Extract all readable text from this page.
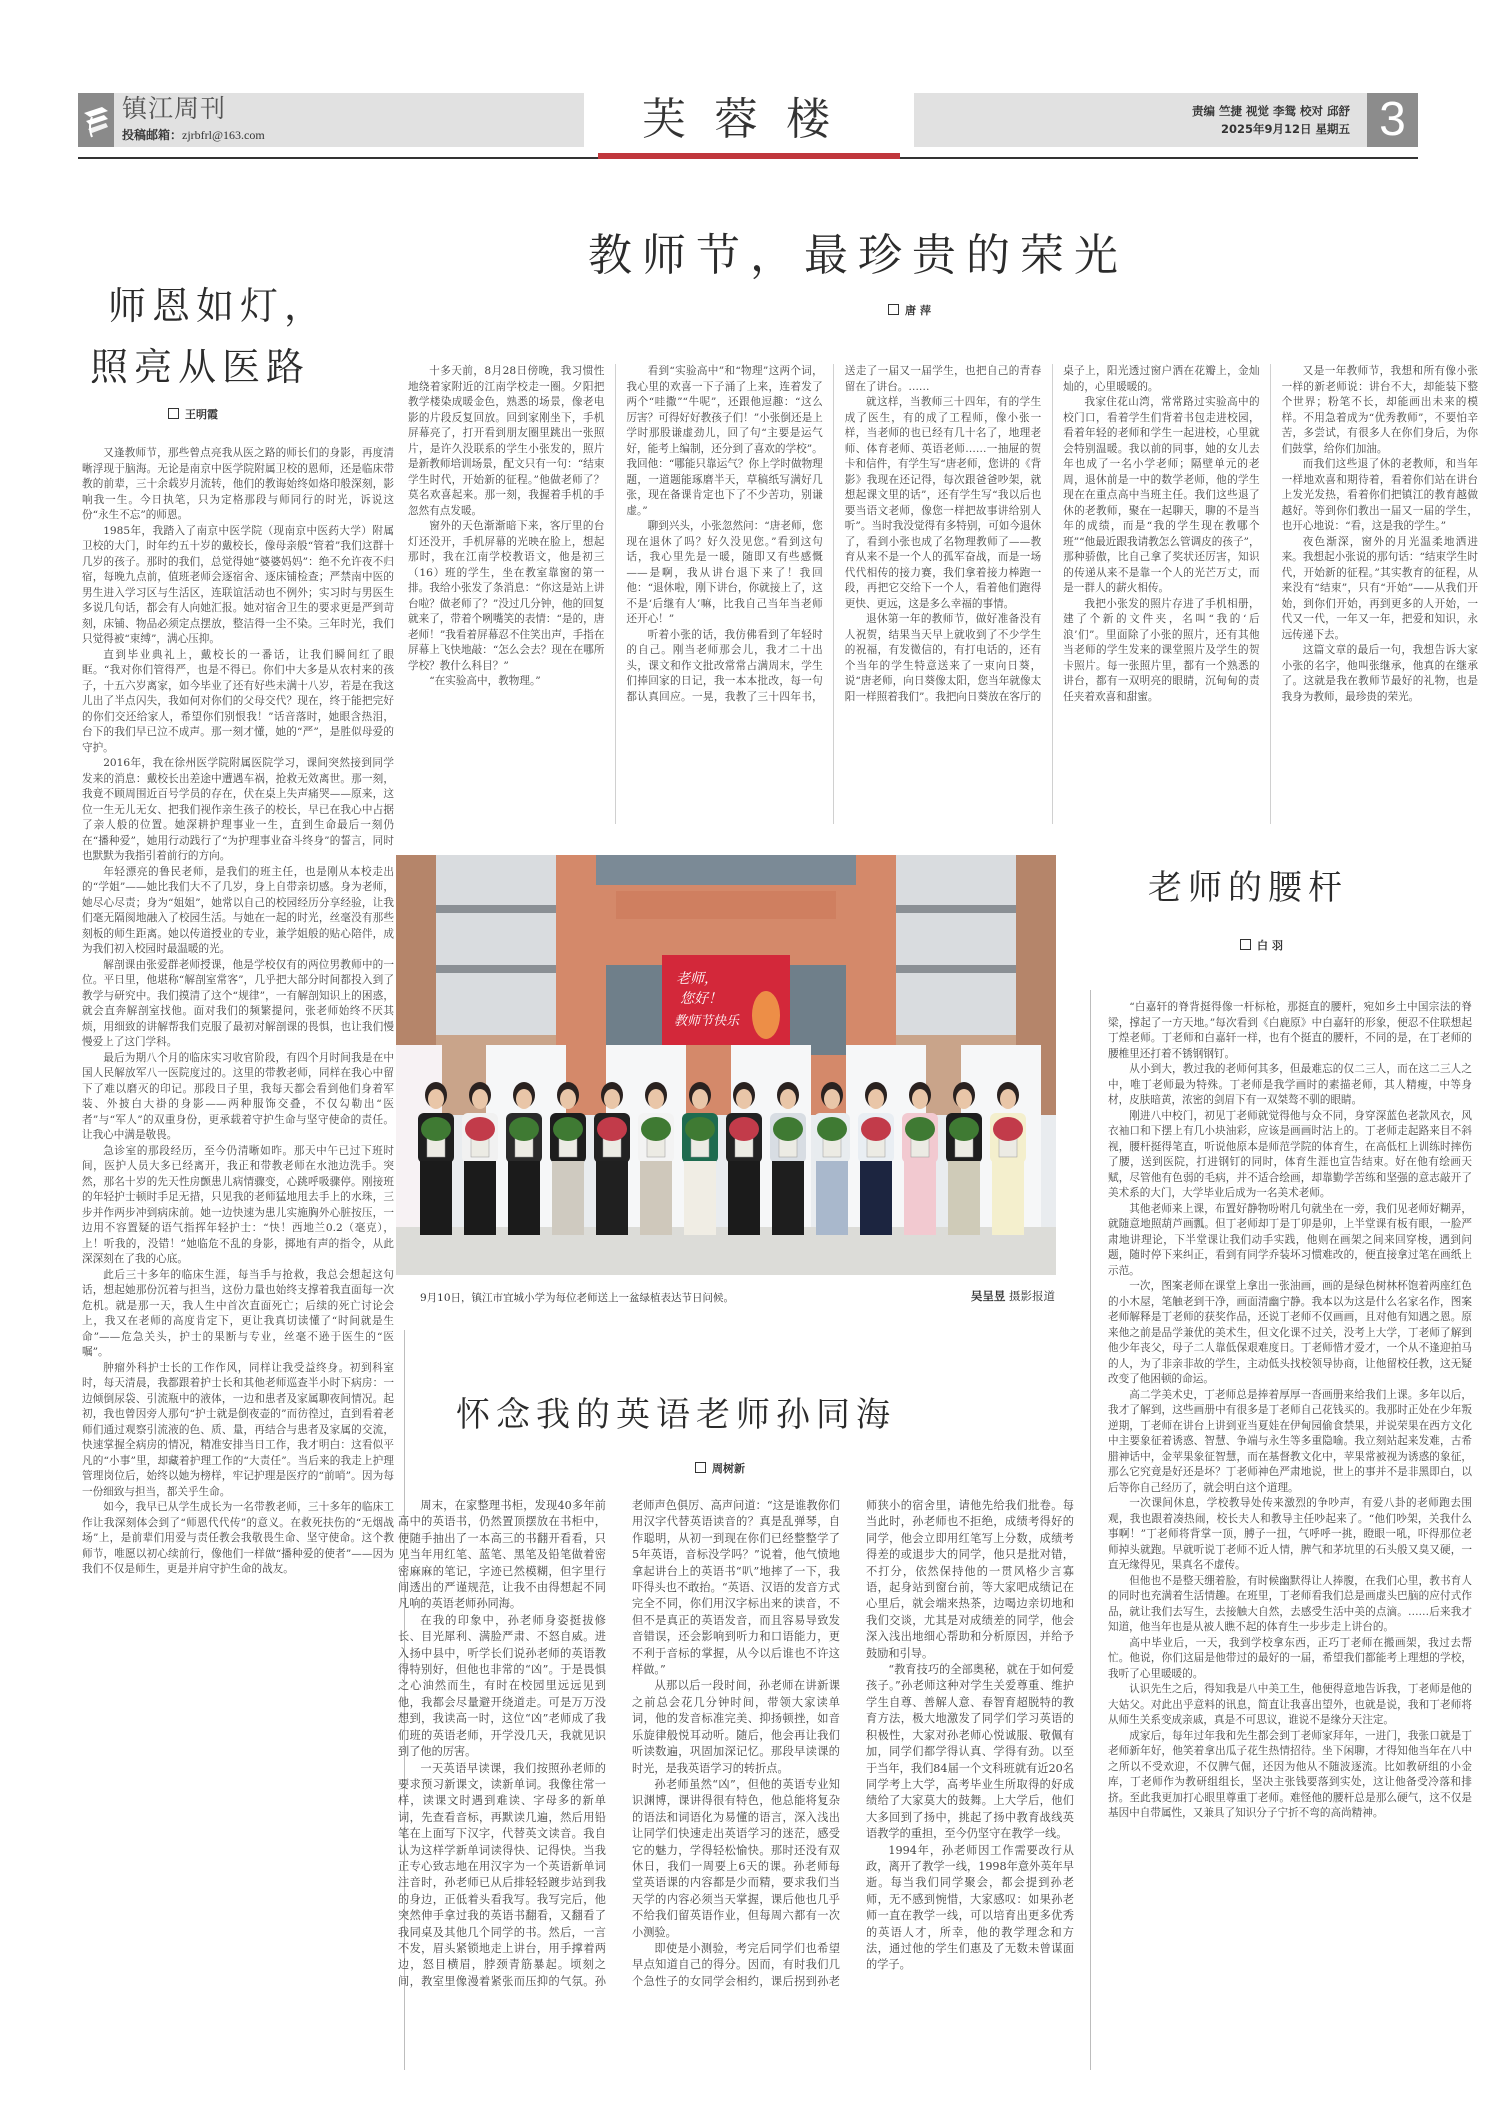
镇江周刊
投稿邮箱：zjrbfrl@163.com	芙蓉楼	责编 竺捷 视觉 李鸳 校对 邱舒
2025年9月12日 星期五 3
师恩如灯，
照亮从医路
王明霞

又逢教师节，那些曾点亮我从医之路的师长们的身影，再度清晰浮现于脑海。无论是南京中医学院附属卫校的恩师，还是临床带教的前辈，三十余载岁月流转，他们的教诲始终如烙印般深刻，影响我一生。今日执笔，只为定格那段与师同行的时光，诉说这份“永生不忘”的师恩。

1985年，我踏入了南京中医学院（现南京中医药大学）附属卫校的大门，时年约五十岁的戴校长，像母亲般“管着”我们这群十几岁的孩子。那时的我们，总觉得她“婆婆妈妈”：绝不允许夜不归宿，每晚九点前，值班老师会逐宿舍、逐床铺检查；严禁南中医的男生进入学习区与生活区，连联谊活动也不例外；实习时与男医生多说几句话，都会有人向她汇报。她对宿舍卫生的要求更是严到苛刻，床铺、物品必须定点摆放，整洁得一尘不染。三年时光，我们只觉得被“束缚”，满心压抑。

直到毕业典礼上，戴校长的一番话，让我们瞬间红了眼眶。“我对你们管得严，也是不得已。你们中大多是从农村来的孩子，十五六岁离家，如今毕业了还有好些未满十八岁，若是在我这儿出了半点闪失，我如何对你们的父母交代？现在，终于能把完好的你们交还给家人，希望你们别恨我！”话音落时，她眼含热泪，台下的我们早已泣不成声。那一刻才懂，她的“严”，是胜似母爱的守护。

2016年，我在徐州医学院附属医院学习，课间突然接到同学发来的消息：戴校长出差途中遭遇车祸，抢救无效离世。那一刻，我竟不顾周围近百号学员的存在，伏在桌上失声痛哭——原来，这位一生无儿无女、把我们视作亲生孩子的校长，早已在我心中占据了亲人般的位置。她深耕护理事业一生，直到生命最后一刻仍在“播种爱”，她用行动践行了“为护理事业奋斗终身”的誓言，同时也默默为我指引着前行的方向。

年轻漂亮的鲁民老师，是我们的班主任，也是刚从本校走出的“学姐”——她比我们大不了几岁，身上自带亲切感。身为老师，她尽心尽责；身为“姐姐”，她常以自己的校园经历分享经验，让我们毫无隔阂地融入了校园生活。与她在一起的时光，丝毫没有那些刻板的师生距离。她以传道授业的专业，兼学姐般的贴心陪伴，成为我们初入校园时最温暖的光。

解剖课由张爱群老师授课，他是学校仅有的两位男教师中的一位。平日里，他堪称“解剖室常客”，几乎把大部分时间都投入到了教学与研究中。我们摸清了这个“规律”，一有解剖知识上的困惑，就会直奔解剖室找他。面对我们的频繁提问，张老师始终不厌其烦，用细致的讲解帮我们克服了最初对解剖课的畏惧，也让我们慢慢爱上了这门学科。

最后为期八个月的临床实习收官阶段，有四个月时间我是在中国人民解放军八一医院度过的。这里的带教老师，同样在我心中留下了难以磨灭的印记。那段日子里，我每天都会看到他们身着军装、外披白大褂的身影——两种服饰交叠，不仅勾勒出“医者”与“军人”的双重身份，更承载着守护生命与坚守使命的责任。让我心中满是敬畏。

急诊室的那段经历，至今仍清晰如昨。那天中午已过下班时间，医护人员大多已经离开，我正和带教老师在水池边洗手。突然，那名十岁的先天性房颤患儿病情骤变，心跳呼吸骤停。刚接班的年轻护士顿时手足无措，只见我的老师猛地甩去手上的水珠，三步并作两步冲到病床前。她一边快速为患儿实施胸外心脏按压，一边用不容置疑的语气指挥年轻护士：“快！西地兰0.2（毫克），上！听我的，没错！”她临危不乱的身影，掷地有声的指令，从此深深刻在了我的心底。

此后三十多年的临床生涯，每当手与抢救，我总会想起这句话，想起她那份沉着与担当，这份力量也始终支撑着我直面每一次危机。就是那一天，我人生中首次直面死亡；后续的死亡讨论会上，我又在老师的高度肯定下，更让我真切读懂了“时间就是生命”——危急关头，护士的果断与专业，丝毫不逊于医生的“医嘱”。

肿瘤外科护士长的工作作风，同样让我受益终身。初到科室时，每天清晨，我都跟着护士长和其他老师巡查半小时下病房：一边倾倒尿袋、引流瓶中的液体，一边和患者及家属聊夜间情况。起初，我也曾因旁人那句“护士就是倒夜壶的”而彷徨过，直到看着老师们通过观察引流液的色、质、量，再结合与患者及家属的交流，快速掌握全病房的情况，精准安排当日工作，我才明白：这看似平凡的“小事”里，却藏着护理工作的“大责任”。当后来的我走上护理管理岗位后，始终以她为榜样，牢记护理是医疗的“前哨”。因为每一份细致与担当，都关乎生命。

如今，我早已从学生成长为一名带教老师，三十多年的临床工作让我深刻体会到了“师恩代代传”的意义。在救死扶伤的“无烟战场”上，是前辈们用爱与责任教会我敬畏生命、坚守使命。这个教师节，唯愿以初心续前行，像他们一样做“播种爱的使者”——因为我们不仅是师生，更是并肩守护生命的战友。

教师节，最珍贵的荣光
唐萍

十多天前，8月28日傍晚，我习惯性地绕着家附近的江南学校走一圈。夕阳把教学楼染成暖金色，熟悉的场景，像老电影的片段反复回放。回到家刚坐下，手机屏幕亮了，打开看到朋友圈里跳出一张照片，是许久没联系的学生小张发的，照片是新教师培训场景，配文只有一句：“结束学生时代，开始新的征程。”他做老师了？莫名欢喜起来。那一刻，我握着手机的手忽然有点发暖。

窗外的天色渐渐暗下来，客厅里的台灯还没开，手机屏幕的光映在脸上，想起那时，我在江南学校教语文，他是初三（16）班的学生，坐在教室靠窗的第一排。我给小张发了条消息：“你这是站上讲台啦？做老师了？”没过几分钟，他的回复就来了，带着个咧嘴笑的表情：“是的，唐老师！”我看着屏幕忍不住笑出声，手指在屏幕上飞快地敲：“怎么会去？现在在哪所学校？教什么科目？”

“在实验高中，教物理。”

看到“实验高中”和“物理”这两个词，我心里的欢喜一下子涌了上来，连着发了两个“哇撒”“牛呢”，还跟他逗趣：“这么厉害？可得好好教孩子们！”小张倒还是上学时那股谦虚劲儿，回了句“主要是运气好，能考上编制，还分到了喜欢的学校”。我回他：“哪能只靠运气？你上学时做物理题，一道题能琢磨半天，草稿纸写满好几张，现在备课肯定也下了不少苦功，别谦虚。”

聊到兴头，小张忽然问：“唐老师，您现在退休了吗？好久没见您。”看到这句话，我心里先是一暖，随即又有些感慨——是啊，我从讲台退下来了！我回他：“退休啦，刚下讲台，你就接上了，这不是‘后继有人’嘛，比我自己当年当老师还开心！”

听着小张的话，我仿佛看到了年轻时的自己。刚当老师那会儿，我才二十出头，课文和作文批改常常占满周末，学生们捧回家的日记，我一本本批改，每一句都认真回应。一晃，我教了三十四年书，送走了一届又一届学生，也把自己的青春留在了讲台。……

就这样，当教师三十四年，有的学生成了医生，有的成了工程师，像小张一样，当老师的也已经有几十名了，地理老师、体育老师、英语老师……一抽屉的贺卡和信件，有学生写“唐老师，您讲的《背影》我现在还记得，每次跟爸爸吵架，就想起课文里的话”，还有学生写“我以后也要当语文老师，像您一样把故事讲给别人听”。当时我没觉得有多特别，可如今退休了，看到小张也成了名物理教师了——教育从来不是一个人的孤军奋战，而是一场代代相传的接力赛，我们拿着接力棒跑一段，再把它交给下一个人，看着他们跑得更快、更远，这是多么幸福的事情。

退休第一年的教师节，做好准备没有人祝贺，结果当天早上就收到了不少学生的祝福，有发微信的，有打电话的，还有个当年的学生特意送来了一束向日葵，说“唐老师，向日葵像太阳，您当年就像太阳一样照着我们”。我把向日葵放在客厅的桌子上，阳光透过窗户洒在花瓣上，金灿灿的，心里暖暖的。

我家住花山湾，常常路过实验高中的校门口，看着学生们背着书包走进校园，看着年轻的老师和学生一起进校，心里就会特别温暖。我以前的同事，她的女儿去年也成了一名小学老师；隔壁单元的老周，退休前是一中的数学老师，他的学生现在在重点高中当班主任。我们这些退了休的老教师，聚在一起聊天，聊的不是当年的成绩，而是“我的学生现在教哪个班”“他最近跟我请教怎么管调皮的孩子”，那种骄傲，比自己拿了奖状还厉害，知识的传递从来不是靠一个人的光芒万丈，而是一群人的薪火相传。

我把小张发的照片存进了手机相册，建了个新的文件夹，名叫“我的‘后浪’们”。里面除了小张的照片，还有其他当老师的学生发来的课堂照片及学生的贺卡照片。每一张照片里，都有一个熟悉的讲台，都有一双明亮的眼睛，沉甸甸的责任夹着欢喜和甜蜜。

又是一年教师节，我想和所有像小张一样的新老师说：讲台不大，却能装下整个世界；粉笔不长，却能画出未来的模样。不用急着成为“优秀教师”，不要怕辛苦，多尝试，有很多人在你们身后，为你们鼓掌，给你们加油。

而我们这些退了休的老教师，和当年一样地欢喜和期待着，看着你们站在讲台上发光发热，看着你们把镇江的教育越做越好。等到你们教出一届又一届的学生，也开心地说：“看，这是我的学生。”

夜色渐深，窗外的月光温柔地洒进来。我想起小张说的那句话：“结束学生时代，开始新的征程。”其实教育的征程，从来没有“结束”，只有“开始”——从我们开始，到你们开始，再到更多的人开始，一代又一代，一年又一年，把爱和知识，永远传递下去。

这篇文章的最后一句，我想告诉大家小张的名字，他叫张继承，他真的在继承了。这就是我在教师节最好的礼物，也是我身为教师，最珍贵的荣光。

老师，
您好！
教师节快乐
9月10日，镇江市宜城小学为每位老师送上一盆绿植表达节日问候。	吴呈昱 摄影报道
老师的腰杆
白羽

“白嘉轩的脊背挺得像一杆标枪，那挺直的腰杆，宛如乡土中国宗法的脊梁，撑起了一方天地。”每次看到《白鹿原》中白嘉轩的形象，便忍不住联想起丁煌老师。丁老师和白嘉轩一样，也有个挺直的腰杆，不同的是，在丁老师的腰椎里还打着不锈钢钢钉。

从小到大，教过我的老师何其多，但最难忘的仅二三人，而在这二三人之中，唯丁老师最为特殊。丁老师是我学画时的素描老师，其人精瘦，中等身材，皮肤暗黄，浓密的剑眉下有一双桀骜不驯的眼睛。

刚进八中校门，初见丁老师就觉得他与众不同，身穿深蓝色老款风衣，风衣袖口和下摆上有几小块油彩，应该是画画时沾上的。丁老师走起路来目不斜视，腰杆挺得笔直，听说他原本是师范学院的体育生，在高低杠上训练时摔伤了腰，送到医院，打进钢钉的同时，体育生涯也宣告结束。好在他有绘画天赋，尽管他有色弱的毛病，并不适合绘画，却靠勤学苦练和坚强的意志敲开了美术系的大门，大学毕业后成为一名美术老师。

其他老师来上课，布置好静物吩咐几句就坐在一旁，我们见老师好糊弄，就随意地照葫芦画瓢。但丁老师却丁是丁卯是卯，上半堂课有板有眼，一脸严肃地讲理论，下半堂课让我们动手实践，他则在画架之间来回穿梭，遇到问题，随时停下来纠正，看到有同学乔装坏习惯难改的，便直接拿过笔在画纸上示范。

一次，图案老师在课堂上拿出一张油画，画的是绿色树林杯饱着两座红色的小木屋，笔触老到干净，画面清幽宁静。我本以为这是什么名家名作，图案老师解释是丁老师的获奖作品，还说丁老师不仅画画，且对他有知遇之恩。原来他之前是品学兼优的美术生，但文化课不过关，没考上大学，丁老师了解到他少年丧父，母子二人靠低保艰难度日。丁老师惜才爱才，一个从不逢迎拍马的人，为了非亲非故的学生，主动低头找校领导协商，让他留校任教，这无疑改变了他困顿的命运。

高二学美术史，丁老师总是捧着厚厚一沓画册来给我们上课。多年以后，我才了解到，这些画册中有很多是丁老师自己花钱买的。我那时正处在少年叛逆期，丁老师在讲台上讲到亚当夏娃在伊甸园偷食禁果，并说荣果在西方文化中主要象征着诱惑、智慧、争端与永生等多重隐喻。我立刻站起来发难，古希腊神话中，金苹果象征智慧，而在基督教文化中，苹果常被视为诱惑的象征，那么它究竟是好还是坏？丁老师神色严肃地说，世上的事并不是非黑即白，以后等你自己经历了，就会明白这个道理。

一次课间休息，学校教导处传来激烈的争吵声，有爱八卦的老师跑去围观，我也跟着凑热闹，校长夫人和教导主任吵起来了。“他们吵架，关我什么事啊！”丁老师将背掌一顶，膊子一扭，气呼呼一挑，瞪眼一吼，吓得那位老师掉头就跑。早就听说丁老师不近人情，脾气和茅坑里的石头般又臭又硬，一直无缘得见，果真名不虚传。

但他也不是整天绷着脸，有时候幽默得让人捧腹，在我们心里，教书育人的同时也充满着生活情趣。在班里，丁老师看我们总是画虚头巴脑的应付式作品，就让我们去写生，去接触大自然，去感受生活中美的点滴。……后来我才知道，他当年也是从被人瞧不起的体育生一步步走上讲台的。

高中毕业后，一天，我到学校拿东西，正巧丁老师在搬画架，我过去帮忙。他说，你们这届是他带过的最好的一届，希望我们都能考上理想的学校，我听了心里暖暖的。

认识先生之后，得知我是八中美工生，他便得意地告诉我，丁老师是他的大姑父。对此出乎意料的讯息，简直让我喜出望外，也就是说，我和丁老师将从师生关系变成亲戚，真是不可思议，谁说不是缘分天注定。

成家后，每年过年我和先生都会到丁老师家拜年，一进门，我张口就是丁老师新年好，他笑着拿出瓜子花生热情招待。坐下闲聊，才得知他当年在八中之所以不受欢迎，不仅脾气倔，还因为他从不随波逐流。比如教研组的小金库，丁老师作为教研组组长，坚决主张钱要落到实处，这让他备受冷落和排挤。至此我更加打心眼里尊重丁老师。难怪他的腰杆总是那么硬气，这不仅是基因中自带属性，又兼具了知识分子宁折不弯的高尚精神。

怀念我的英语老师孙同海
周树新

周末，在家整理书柜，发现40多年前高中的英语书，仍然置顶摆放在书柜中，便随手抽出了一本高三的书翻开看看，只见当年用红笔、蓝笔、黑笔及铅笔做着密密麻麻的笔记，字迹已然模糊，但字里行间透出的严谨规范，让我不由得想起不同凡响的英语老师孙同海。

在我的印象中，孙老师身姿挺拔修长、目光犀利、满脸严肃、不怒自威。进入扬中县中，听学长们说孙老师的英语教得特别好，但他也非常的“凶”。于是畏惧之心油然而生，有时在校园里远远见到他，我都会尽量避开绕道走。可是万万没想到，我读高一时，这位“凶”老师成了我们班的英语老师，开学没几天，我就见识到了他的厉害。

一天英语早读课，我们按照孙老师的要求预习新课文，读新单词。我像往常一样，读课文时遇到难读、字母多的新单词，先查看音标，再默读几遍，然后用铅笔在上面写下汉字，代替英文读音。我自认为这样学新单词读得快、记得快。当我正专心致志地在用汉字为一个英语新单词注音时，孙老师已从后排轻轻踱步站到我的身边，正低着头看我写。我写完后，他突然伸手拿过我的英语书翻看，又翻看了我同桌及其他几个同学的书。然后，一言不发，眉头紧锁地走上讲台，用手撑着两边，怒目横眉，脖颈青筋暴起。顷刻之间，教室里像漫着紧张而压抑的气氛。孙老师声色俱厉、高声问道：“这是谁教你们用汉字代替英语读音的？真是乱弹琴，自作聪明，从初一到现在你们已经整整学了5年英语，音标没学吗？”说着，他气愤地拿起讲台上的英语书“叭”地摔了一下，我吓得头也不敢抬。“英语、汉语的发音方式完全不同，你们用汉字标出来的读音，不但不是真正的英语发音，而且容易导致发音错误，还会影响到听力和口语能力，更不利于音标的掌握，从今以后谁也不许这样做。”

从那以后一段时间，孙老师在讲新课之前总会花几分钟时间，带领大家读单词，他的发音标准完美、抑扬顿挫，如音乐旋律般悦耳动听。随后，他会再让我们听读数遍，巩固加深记忆。那段早读课的时光，是我英语学习的转折点。

孙老师虽然“凶”，但他的英语专业知识渊博，课讲得很有特色，他总能将复杂的语法和词语化为易懂的语言，深入浅出让同学们快速走出英语学习的迷茫，感受它的魅力，学得轻松愉快。那时还没有双休日，我们一周要上6天的课。孙老师每堂英语课的内容都是少而精，要求我们当天学的内容必须当天掌握，课后他也几乎不给我们留英语作业，但每周六都有一次小测验。

即使是小测验，考完后同学们也希望早点知道自己的得分。因而，有时我们几个急性子的女同学会相约，课后拐到孙老师狭小的宿舍里，请他先给我们批卷。每当此时，孙老师也不拒绝，成绩考得好的同学，他会立即用红笔写上分数，成绩考得差的或退步大的同学，他只是批对错，不打分，依然保持他的一贯风格少言寡语，起身站到窗台前，等大家吧成绩记在心里后，就会端来热茶，边喝边亲切地和我们交谈，尤其是对成绩差的同学，他会深入浅出地细心帮助和分析原因，并给予鼓励和引导。

“教育技巧的全部奥秘，就在于如何爱孩子。”孙老师这种对学生关爱尊重、维护学生自尊、善解人意、春智育超脱特的教育方法，极大地激发了同学们学习英语的积极性，大家对孙老师心悦诚服、敬佩有加，同学们都学得认真、学得有劲。以至于当年，我们84届一个文科班就有近20名同学考上大学，高考毕业生所取得的好成绩给了大家莫大的鼓舞。上大学后，他们大多回到了扬中，挑起了扬中教育战线英语教学的重担，至今仍坚守在教学一线。

1994年，孙老师因工作需要改行从政，离开了教学一线，1998年意外英年早逝。每当我们同学聚会，都会提到孙老师，无不感到惋惜，大家感叹：如果孙老师一直在教学一线，可以培育出更多优秀的英语人才，所幸，他的教学理念和方法，通过他的学生们惠及了无数未曾谋面的学子。
